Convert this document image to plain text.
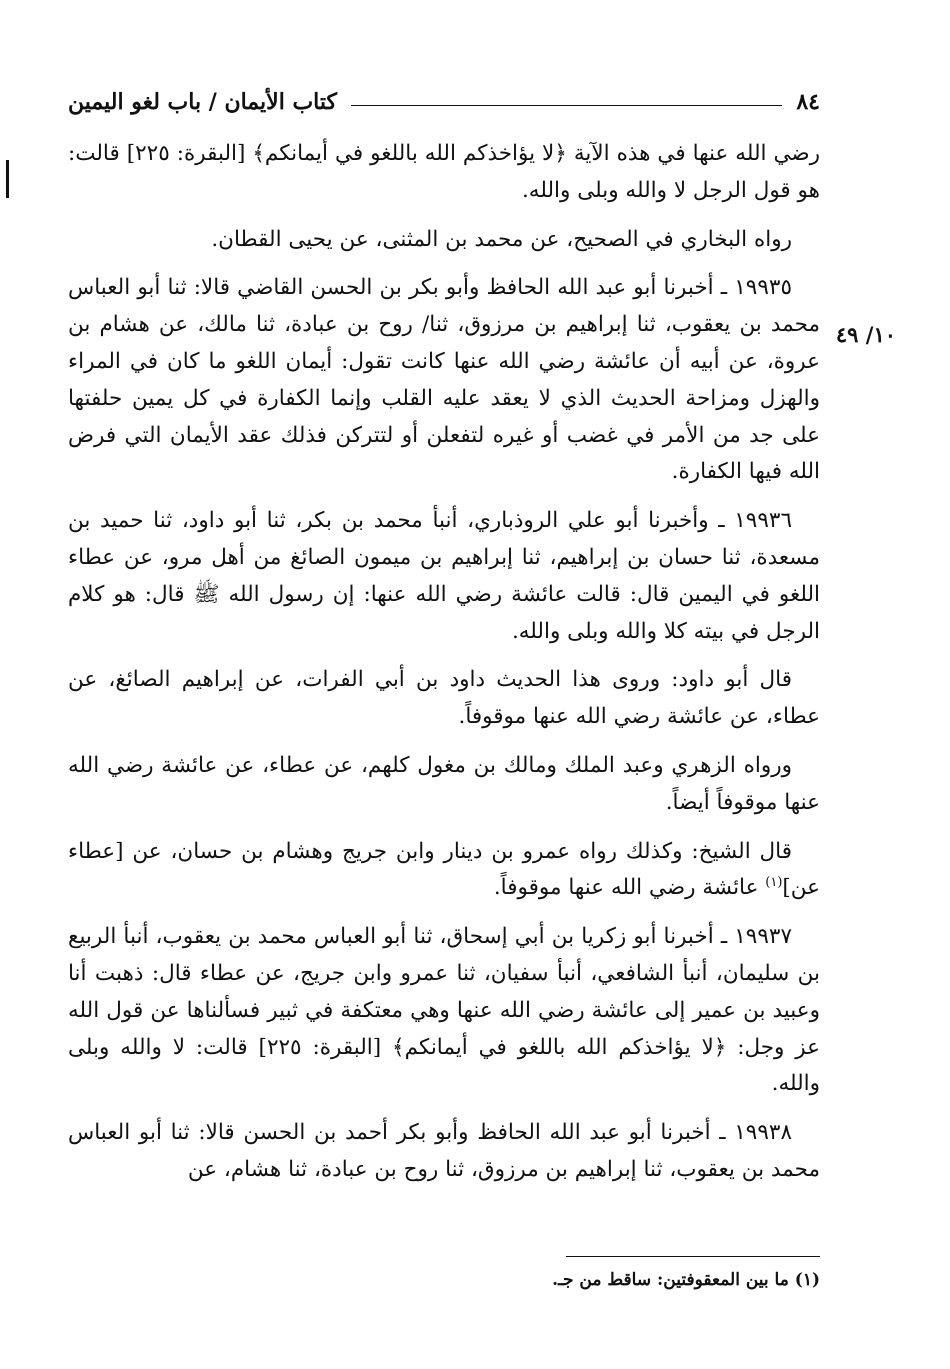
٨٤
كتاب الأيمان / باب لغو اليمين
١٠/ ٤٩

رضي الله عنها في هذه الآية ﴿لا يؤاخذكم الله باللغو في أيمانكم﴾ [البقرة: ٢٢٥] قالت: هو قول الرجل لا والله وبلى والله.

رواه البخاري في الصحيح، عن محمد بن المثنى، عن يحيى القطان.

١٩٩٣٥ ـ أخبرنا أبو عبد الله الحافظ وأبو بكر بن الحسن القاضي قالا: ثنا أبو العباس محمد بن يعقوب، ثنا إبراهيم بن مرزوق، ثنا/ روح بن عبادة، ثنا مالك، عن هشام بن عروة، عن أبيه أن عائشة رضي الله عنها كانت تقول: أيمان اللغو ما كان في المراء والهزل ومزاحة الحديث الذي لا يعقد عليه القلب وإنما الكفارة في كل يمين حلفتها على جد من الأمر في غضب أو غيره لتفعلن أو لتتركن فذلك عقد الأيمان التي فرض الله فيها الكفارة.

١٩٩٣٦ ـ وأخبرنا أبو علي الروذباري، أنبأ محمد بن بكر، ثنا أبو داود، ثنا حميد بن مسعدة، ثنا حسان بن إبراهيم، ثنا إبراهيم بن ميمون الصائغ من أهل مرو، عن عطاء اللغو في اليمين قال: قالت عائشة رضي الله عنها: إن رسول الله ﷺ قال: هو كلام الرجل في بيته كلا والله وبلى والله.

قال أبو داود: وروى هذا الحديث داود بن أبي الفرات، عن إبراهيم الصائغ، عن عطاء، عن عائشة رضي الله عنها موقوفاً.

ورواه الزهري وعبد الملك ومالك بن مغول كلهم، عن عطاء، عن عائشة رضي الله عنها موقوفاً أيضاً.

قال الشيخ: وكذلك رواه عمرو بن دينار وابن جريج وهشام بن حسان، عن [عطاء عن]$^{(١)}$ عائشة رضي الله عنها موقوفاً.

١٩٩٣٧ ـ أخبرنا أبو زكريا بن أبي إسحاق، ثنا أبو العباس محمد بن يعقوب، أنبأ الربيع بن سليمان، أنبأ الشافعي، أنبأ سفيان، ثنا عمرو وابن جريج، عن عطاء قال: ذهبت أنا وعبيد بن عمير إلى عائشة رضي الله عنها وهي معتكفة في ثبير فسألناها عن قول الله عز وجل: ﴿لا يؤاخذكم الله باللغو في أيمانكم﴾ [البقرة: ٢٢٥] قالت: لا والله وبلى والله.

١٩٩٣٨ ـ أخبرنا أبو عبد الله الحافظ وأبو بكر أحمد بن الحسن قالا: ثنا أبو العباس محمد بن يعقوب، ثنا إبراهيم بن مرزوق، ثنا روح بن عبادة، ثنا هشام، عن

(١) ما بين المعقوفتين: ساقط من جـ.
